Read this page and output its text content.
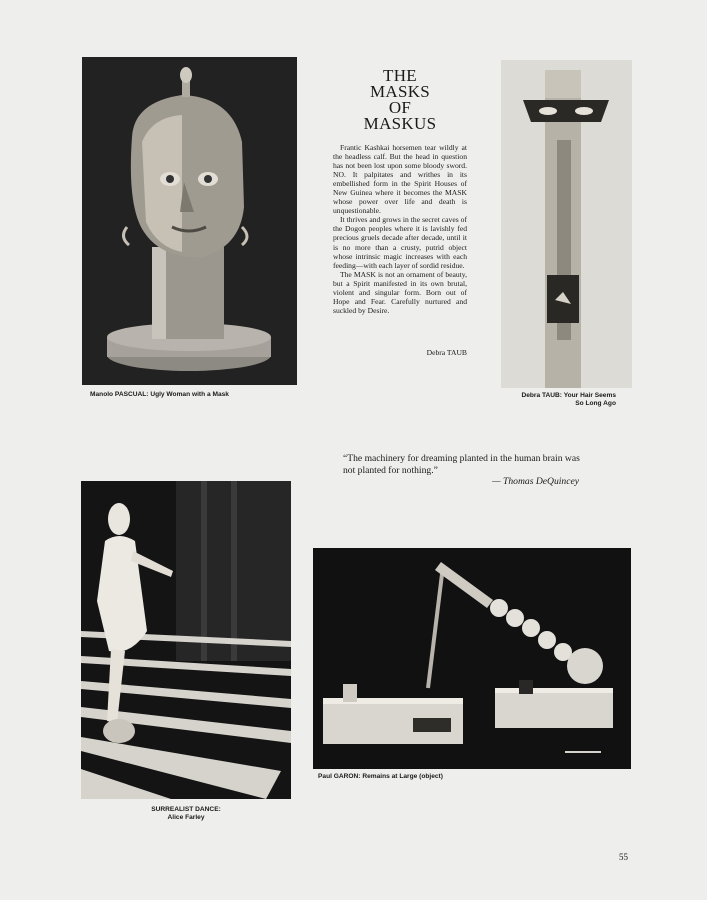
Manolo PASCUAL: Ugly Woman with a Mask
THE
MASKS
OF
MASKUS

Frantic Kashkai horsemen tear wildly at the headless calf. But the head in question has not been lost upon some bloody sword. NO. It palpitates and writhes in its embellished form in the Spirit Houses of New Guinea where it becomes the MASK whose power over life and death is unquestionable.

It thrives and grows in the secret caves of the Dogon peoples where it is lavishly fed precious gruels decade after decade, until it is no more than a crusty, putrid object whose intrinsic magic increases with each feeding—with each layer of sordid residue.

The MASK is not an ornament of beauty, but a Spirit manifested in its own brutal, violent and singular form. Born out of Hope and Fear. Carefully nurtured and suckled by Desire.

Debra TAUB
Debra TAUB: Your Hair Seems
So Long Ago
“The machinery for dreaming planted in the human brain was not planted for nothing.”
— Thomas DeQuincey
SURREALIST DANCE:
Alice Farley
Paul GARON: Remains at Large (object)
55
